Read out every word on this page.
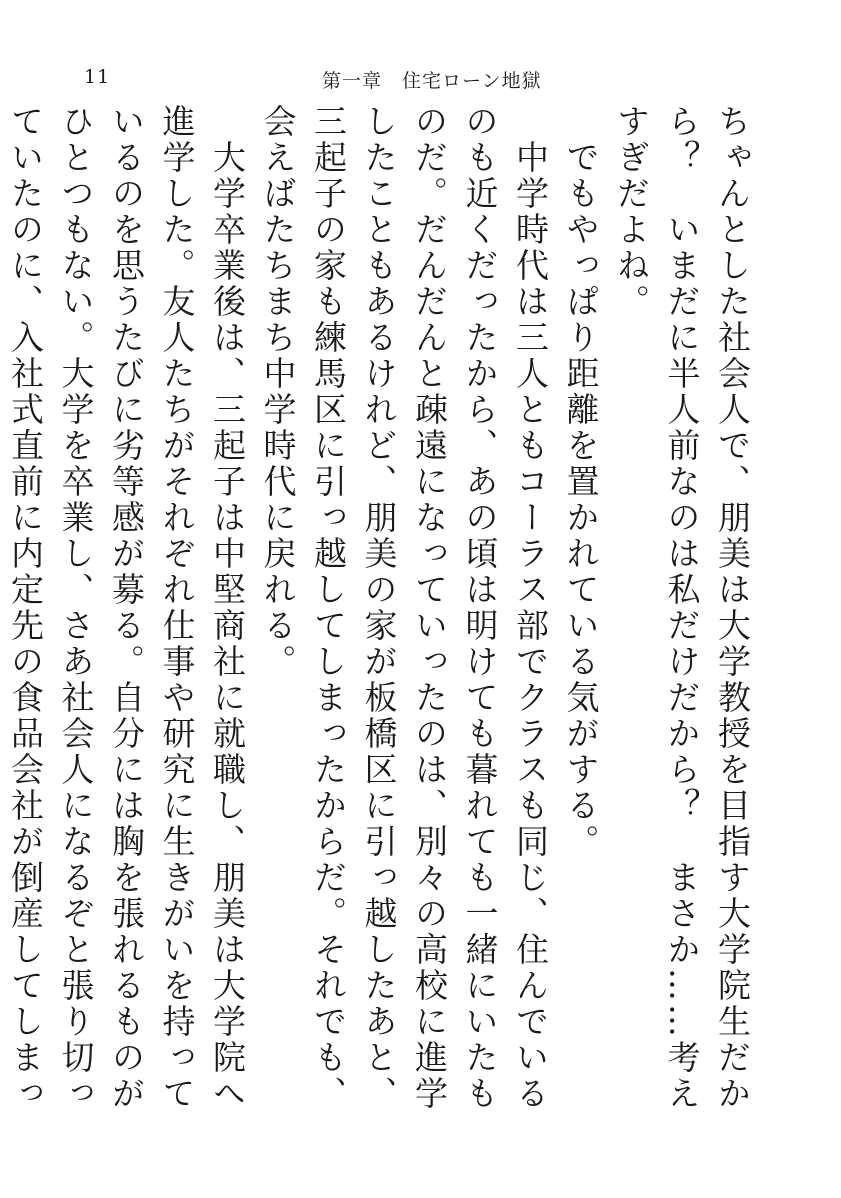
11	第一章　住宅ローン地獄

ちゃんとした社会人で、朋美は大学教授を目指す大学院生だから？　いまだに半人前なのは私だけだから？　まさか……考えすぎだよね。

　でもやっぱり距離を置かれている気がする。

　中学時代は三人ともコーラス部でクラスも同じ、住んでいるのも近くだったから、あの頃は明けても暮れても一緒にいたものだ。だんだんと疎遠になっていったのは、別々の高校に進学したこともあるけれど、朋美の家が板橋区に引っ越したあと、三起子の家も練馬区に引っ越してしまったからだ。それでも、会えばたちまち中学時代に戻れる。

　大学卒業後は、三起子は中堅商社に就職し、朋美は大学院へ進学した。友人たちがそれぞれ仕事や研究に生きがいを持っているのを思うたびに劣等感が募る。自分には胸を張れるものがひとつもない。大学を卒業し、さあ社会人になるぞと張り切っていたのに、入社式直前に内定先の食品会社が倒産してしまっ
